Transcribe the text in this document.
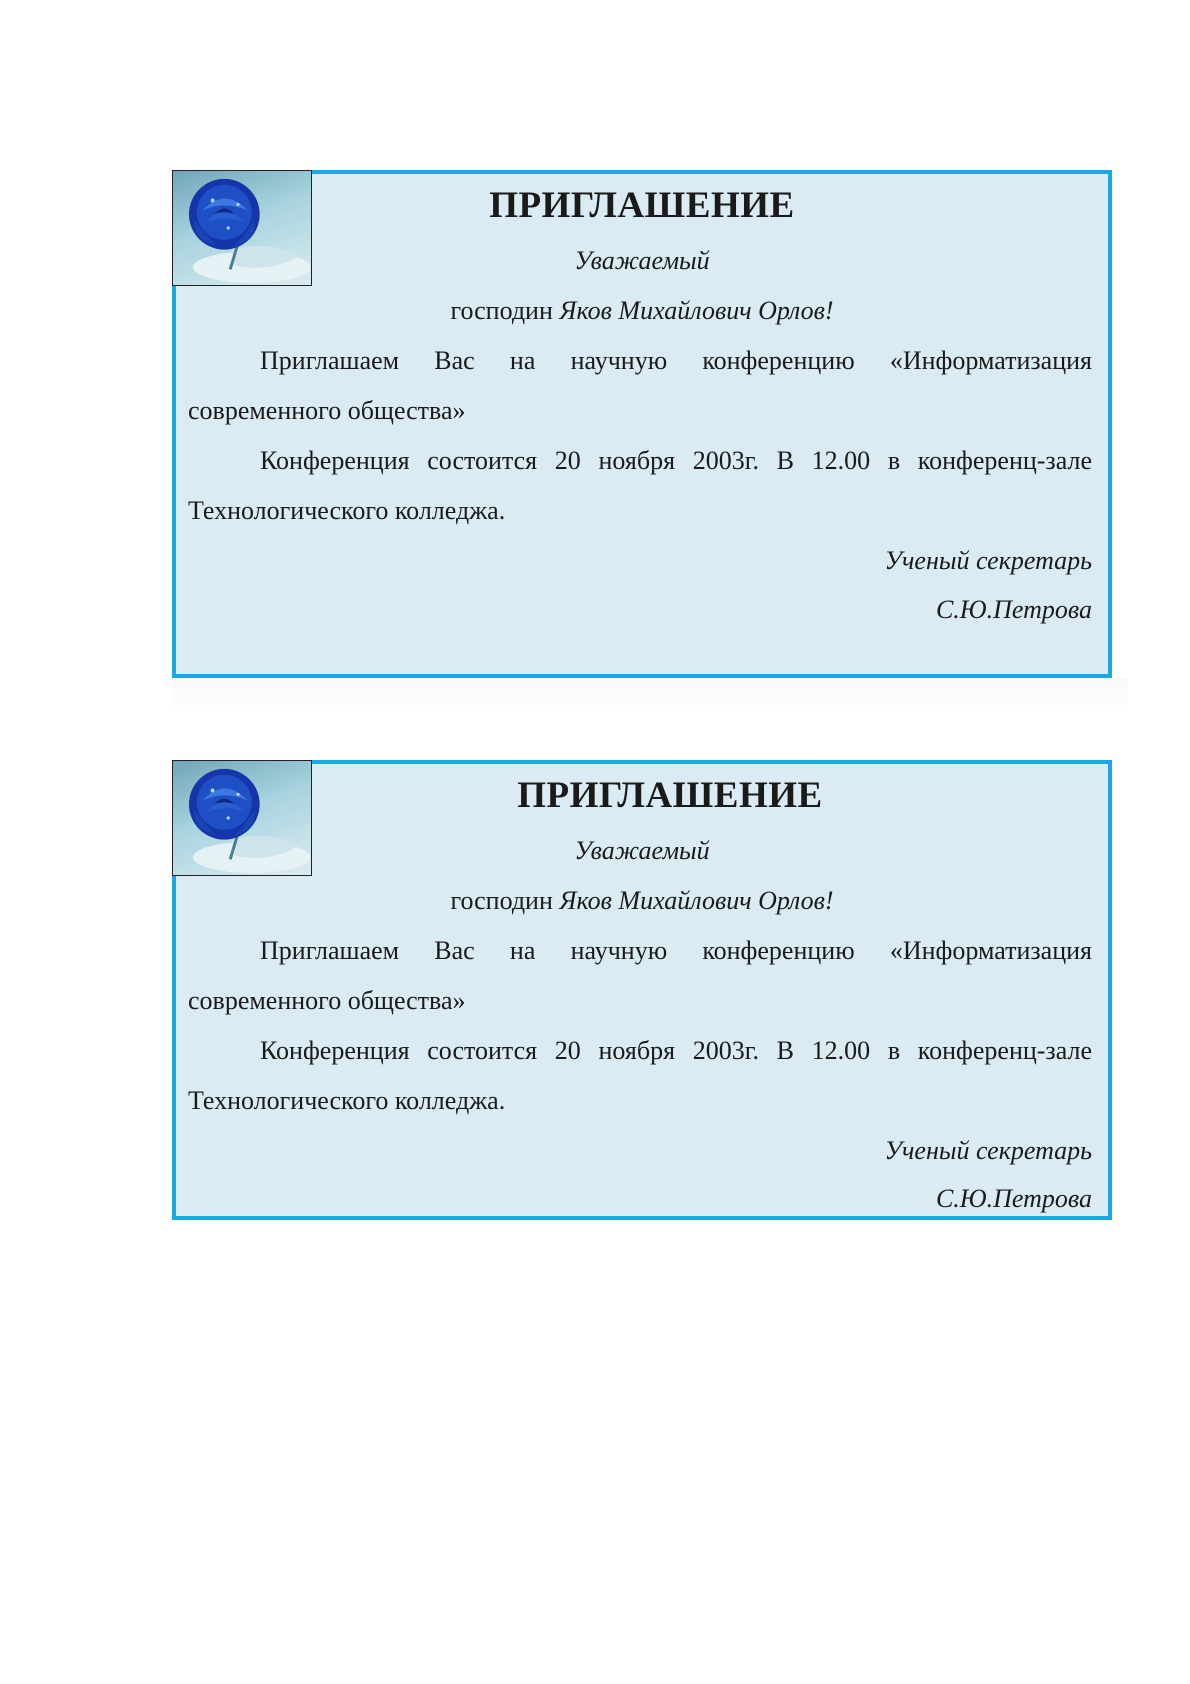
ПРИГЛАШЕНИЕ
Уважаемый
господин Яков Михайлович Орлов!
Приглашаем Вас на научную конференцию «Информатизация
современного общества»
Конференция состоится 20 ноября 2003г. В 12.00 в конференц-зале
Технологического колледжа.
Ученый секретарь
С.Ю.Петрова
ПРИГЛАШЕНИЕ
Уважаемый
господин Яков Михайлович Орлов!
Приглашаем Вас на научную конференцию «Информатизация
современного общества»
Конференция состоится 20 ноября 2003г. В 12.00 в конференц-зале
Технологического колледжа.
Ученый секретарь
С.Ю.Петрова
